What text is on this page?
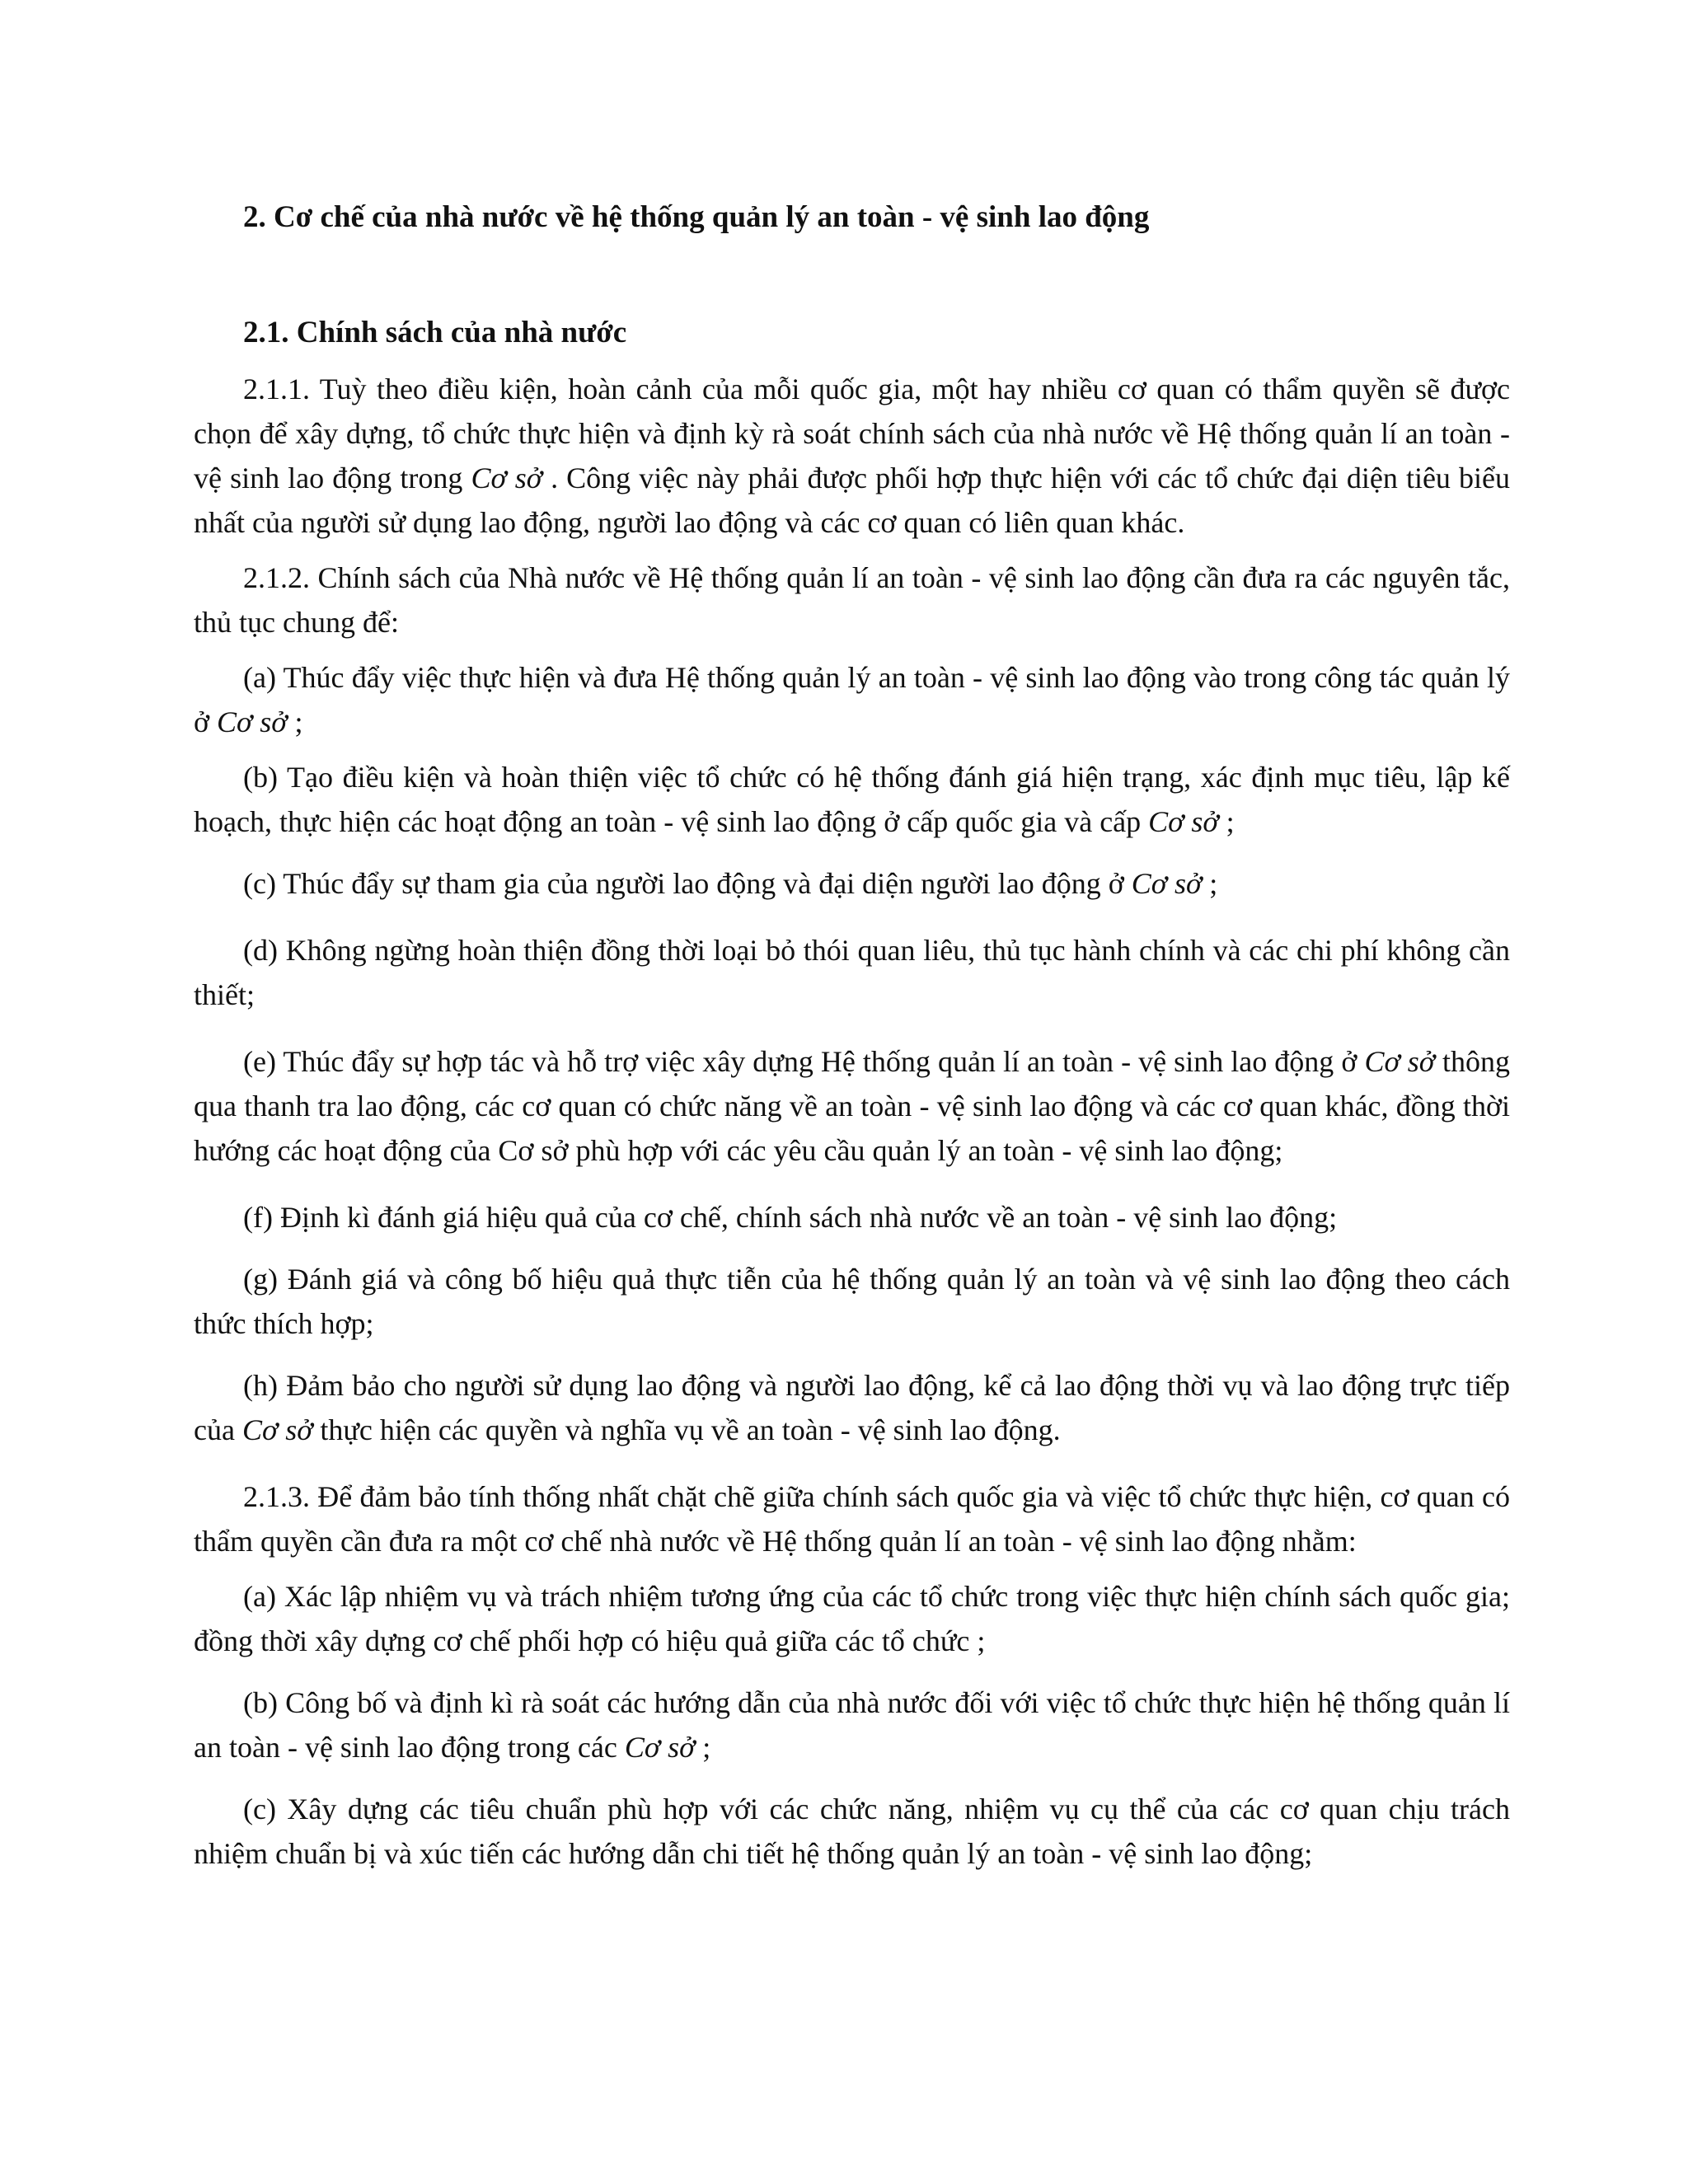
2. Cơ chế của nhà nước về hệ thống quản lý an toàn - vệ sinh lao động
2.1. Chính sách của nhà nước

2.1.1. Tuỳ theo điều kiện, hoàn cảnh của mỗi quốc gia, một hay nhiều cơ quan có thẩm quyền sẽ được chọn để xây dựng, tổ chức thực hiện và định kỳ rà soát chính sách của nhà nước về Hệ thống quản lí an toàn - vệ sinh lao động trong Cơ sở . Công việc này phải được phối hợp thực hiện với các tổ chức đại diện tiêu biểu nhất của người sử dụng lao động, người lao động và các cơ quan có liên quan khác.

2.1.2. Chính sách của Nhà nước về Hệ thống quản lí an toàn - vệ sinh lao động cần đưa ra các nguyên tắc, thủ tục chung để:

(a) Thúc đẩy việc thực hiện và đưa Hệ thống quản lý an toàn - vệ sinh lao động vào trong công tác quản lý ở Cơ sở ;

(b) Tạo điều kiện và hoàn thiện việc tổ chức có hệ thống đánh giá hiện trạng, xác định mục tiêu, lập kế hoạch, thực hiện các hoạt động an toàn - vệ sinh lao động ở cấp quốc gia và cấp Cơ sở ;

(c) Thúc đẩy sự tham gia của người lao động và đại diện người lao động ở Cơ sở ;

(d) Không ngừng hoàn thiện đồng thời loại bỏ thói quan liêu, thủ tục hành chính và các chi phí không cần thiết;

(e) Thúc đẩy sự hợp tác và hỗ trợ việc xây dựng Hệ thống quản lí an toàn - vệ sinh lao động ở Cơ sở thông qua thanh tra lao động, các cơ quan có chức năng về an toàn - vệ sinh lao động và các cơ quan khác, đồng thời hướng các hoạt động của Cơ sở phù hợp với các yêu cầu quản lý an toàn - vệ sinh lao động;

(f) Định kì đánh giá hiệu quả của cơ chế, chính sách nhà nước về an toàn - vệ sinh lao động;

(g) Đánh giá và công bố hiệu quả thực tiễn của hệ thống quản lý an toàn và vệ sinh lao động theo cách thức thích hợp;

(h) Đảm bảo cho người sử dụng lao động và người lao động, kể cả lao động thời vụ và lao động trực tiếp của Cơ sở thực hiện các quyền và nghĩa vụ về an toàn - vệ sinh lao động.

2.1.3. Để đảm bảo tính thống nhất chặt chẽ giữa chính sách quốc gia và việc tổ chức thực hiện, cơ quan có thẩm quyền cần đưa ra một cơ chế nhà nước về Hệ thống quản lí an toàn - vệ sinh lao động nhằm:

(a) Xác lập nhiệm vụ và trách nhiệm tương ứng của các tổ chức trong việc thực hiện chính sách quốc gia; đồng thời xây dựng cơ chế phối hợp có hiệu quả giữa các tổ chức ;

(b) Công bố và định kì rà soát các hướng dẫn của nhà nước đối với việc tổ chức thực hiện hệ thống quản lí an toàn - vệ sinh lao động trong các Cơ sở ;

(c) Xây dựng các tiêu chuẩn phù hợp với các chức năng, nhiệm vụ cụ thể của các cơ quan chịu trách nhiệm chuẩn bị và xúc tiến các hướng dẫn chi tiết hệ thống quản lý an toàn - vệ sinh lao động;
